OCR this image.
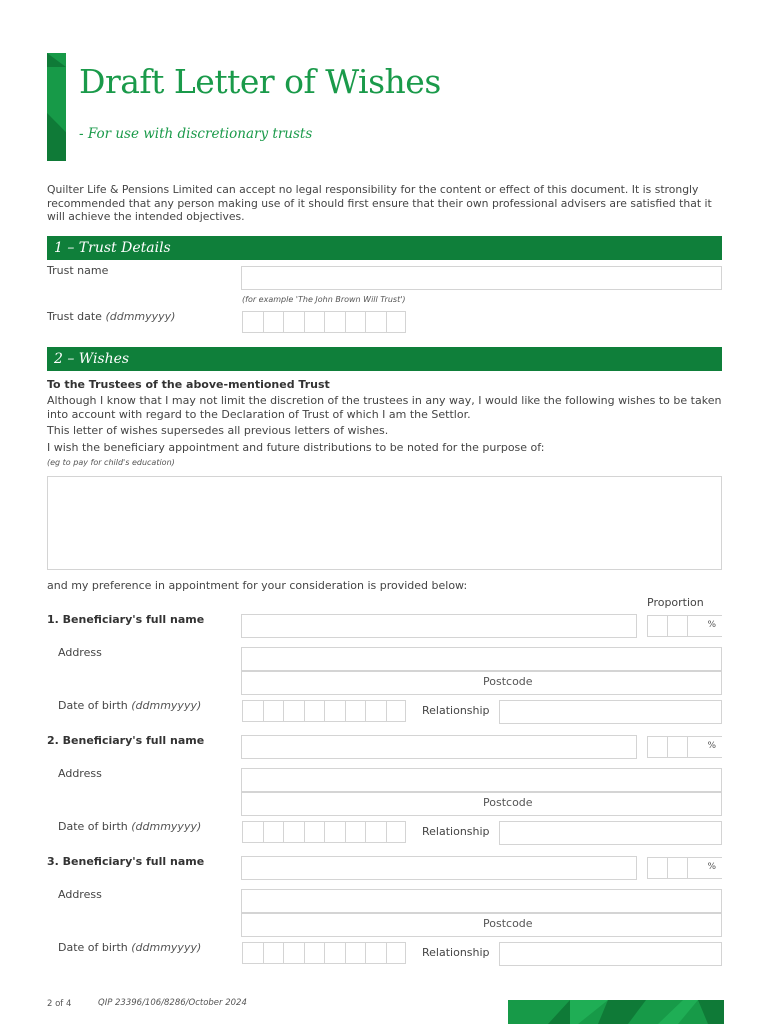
Draft Letter of Wishes
- For use with discretionary trusts
Quilter Life & Pensions Limited can accept no legal responsibility for the content or effect of this document. It is strongly recommended that any person making use of it should first ensure that their own professional advisers are satisfied that it will achieve the intended objectives.
1 – Trust Details
Trust name
(for example 'The John Brown Will Trust')
Trust date (ddmmyyyy)
2 – Wishes
To the Trustees of the above-mentioned Trust
Although I know that I may not limit the discretion of the trustees in any way, I would like the following wishes to be taken into account with regard to the Declaration of Trust of which I am the Settlor.
This letter of wishes supersedes all previous letters of wishes.
I wish the beneficiary appointment and future distributions to be noted for the purpose of:
(eg to pay for child's education)
and my preference in appointment for your consideration is provided below:
Proportion
1. Beneficiary's full name	%
Address
Postcode
Date of birth (ddmmyyyy)	Relationship
2. Beneficiary's full name	%
Address
Postcode
Date of birth (ddmmyyyy)	Relationship
3. Beneficiary's full name	%
Address
Postcode
Date of birth (ddmmyyyy)	Relationship
2 of 4	QIP 23396/106/8286/October 2024
